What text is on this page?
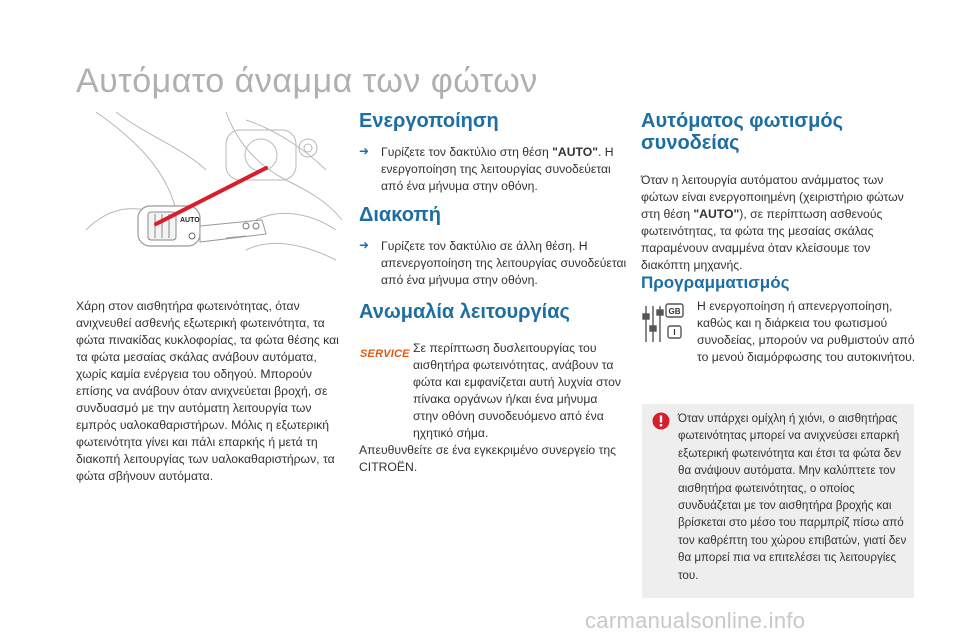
Αυτόματο άναμμα των φώτων
AUTO

Χάρη στον αισθητήρα φωτεινότητας, όταν ανιχνευθεί ασθενής εξωτερική φωτεινότητα, τα φώτα πινακίδας κυκλοφορίας, τα φώτα θέσης και τα φώτα μεσαίας σκάλας ανάβουν αυτόματα, χωρίς καμία ενέργεια του οδηγού. Μπορούν επίσης να ανάβουν όταν ανιχνεύεται βροχή, σε συνδυασμό με την αυτόματη λειτουργία των εμπρός υαλοκαθαριστήρων. Μόλις η εξωτερική φωτεινότητα γίνει και πάλι επαρκής ή μετά τη διακοπή λειτουργίας των υαλοκαθαριστήρων, τα φώτα σβήνουν αυτόματα.

Ενεργοποίηση
➜ Γυρίζετε τον δακτύλιο στη θέση "AUTO". Η ενεργοποίηση της λειτουργίας συνοδεύεται από ένα μήνυμα στην οθόνη.

Διακοπή
➜ Γυρίζετε τον δακτύλιο σε άλλη θέση. Η απενεργοποίηση της λειτουργίας συνοδεύεται από ένα μήνυμα στην οθόνη.

Ανωμαλία λειτουργίας
SERVICE Σε περίπτωση δυσλειτουργίας του αισθητήρα φωτεινότητας, ανάβουν τα φώτα και εμφανίζεται αυτή λυχνία στον πίνακα οργάνων ή/και ένα μήνυμα στην οθόνη συνοδευόμενο από ένα ηχητικό σήμα.

Απευθυνθείτε σε ένα εγκεκριμένο συνεργείο της CITROËN.

Αυτόματος φωτισμός
συνοδείας

Όταν η λειτουργία αυτόματου ανάμματος των φώτων είναι ενεργοποιημένη (χειριστήριο φώτων στη θέση "AUTO"), σε περίπτωση ασθενούς φωτεινότητας, τα φώτα της μεσαίας σκάλας παραμένουν αναμμένα όταν κλείσουμε τον διακόπτη μηχανής.

Προγραμματισμός
GB
I

Η ενεργοποίηση ή απενεργοποίηση, καθώς και η διάρκεια του φωτισμού συνοδείας, μπορούν να ρυθμιστούν από το μενού διαμόρφωσης του αυτοκινήτου.

Όταν υπάρχει ομίχλη ή χιόνι, ο αισθητήρας φωτεινότητας μπορεί να ανιχνεύσει επαρκή εξωτερική φωτεινότητα και έτσι τα φώτα δεν θα ανάψουν αυτόματα. Μην καλύπτετε τον αισθητήρα φωτεινότητας, ο οποίος συνδυάζεται με τον αισθητήρα βροχής και βρίσκεται στο μέσο του παρμπρίζ πίσω από τον καθρέπτη του χώρου επιβατών, γιατί δεν θα μπορεί πια να επιτελέσει τις λειτουργίες του.

carmanualsonline.info
